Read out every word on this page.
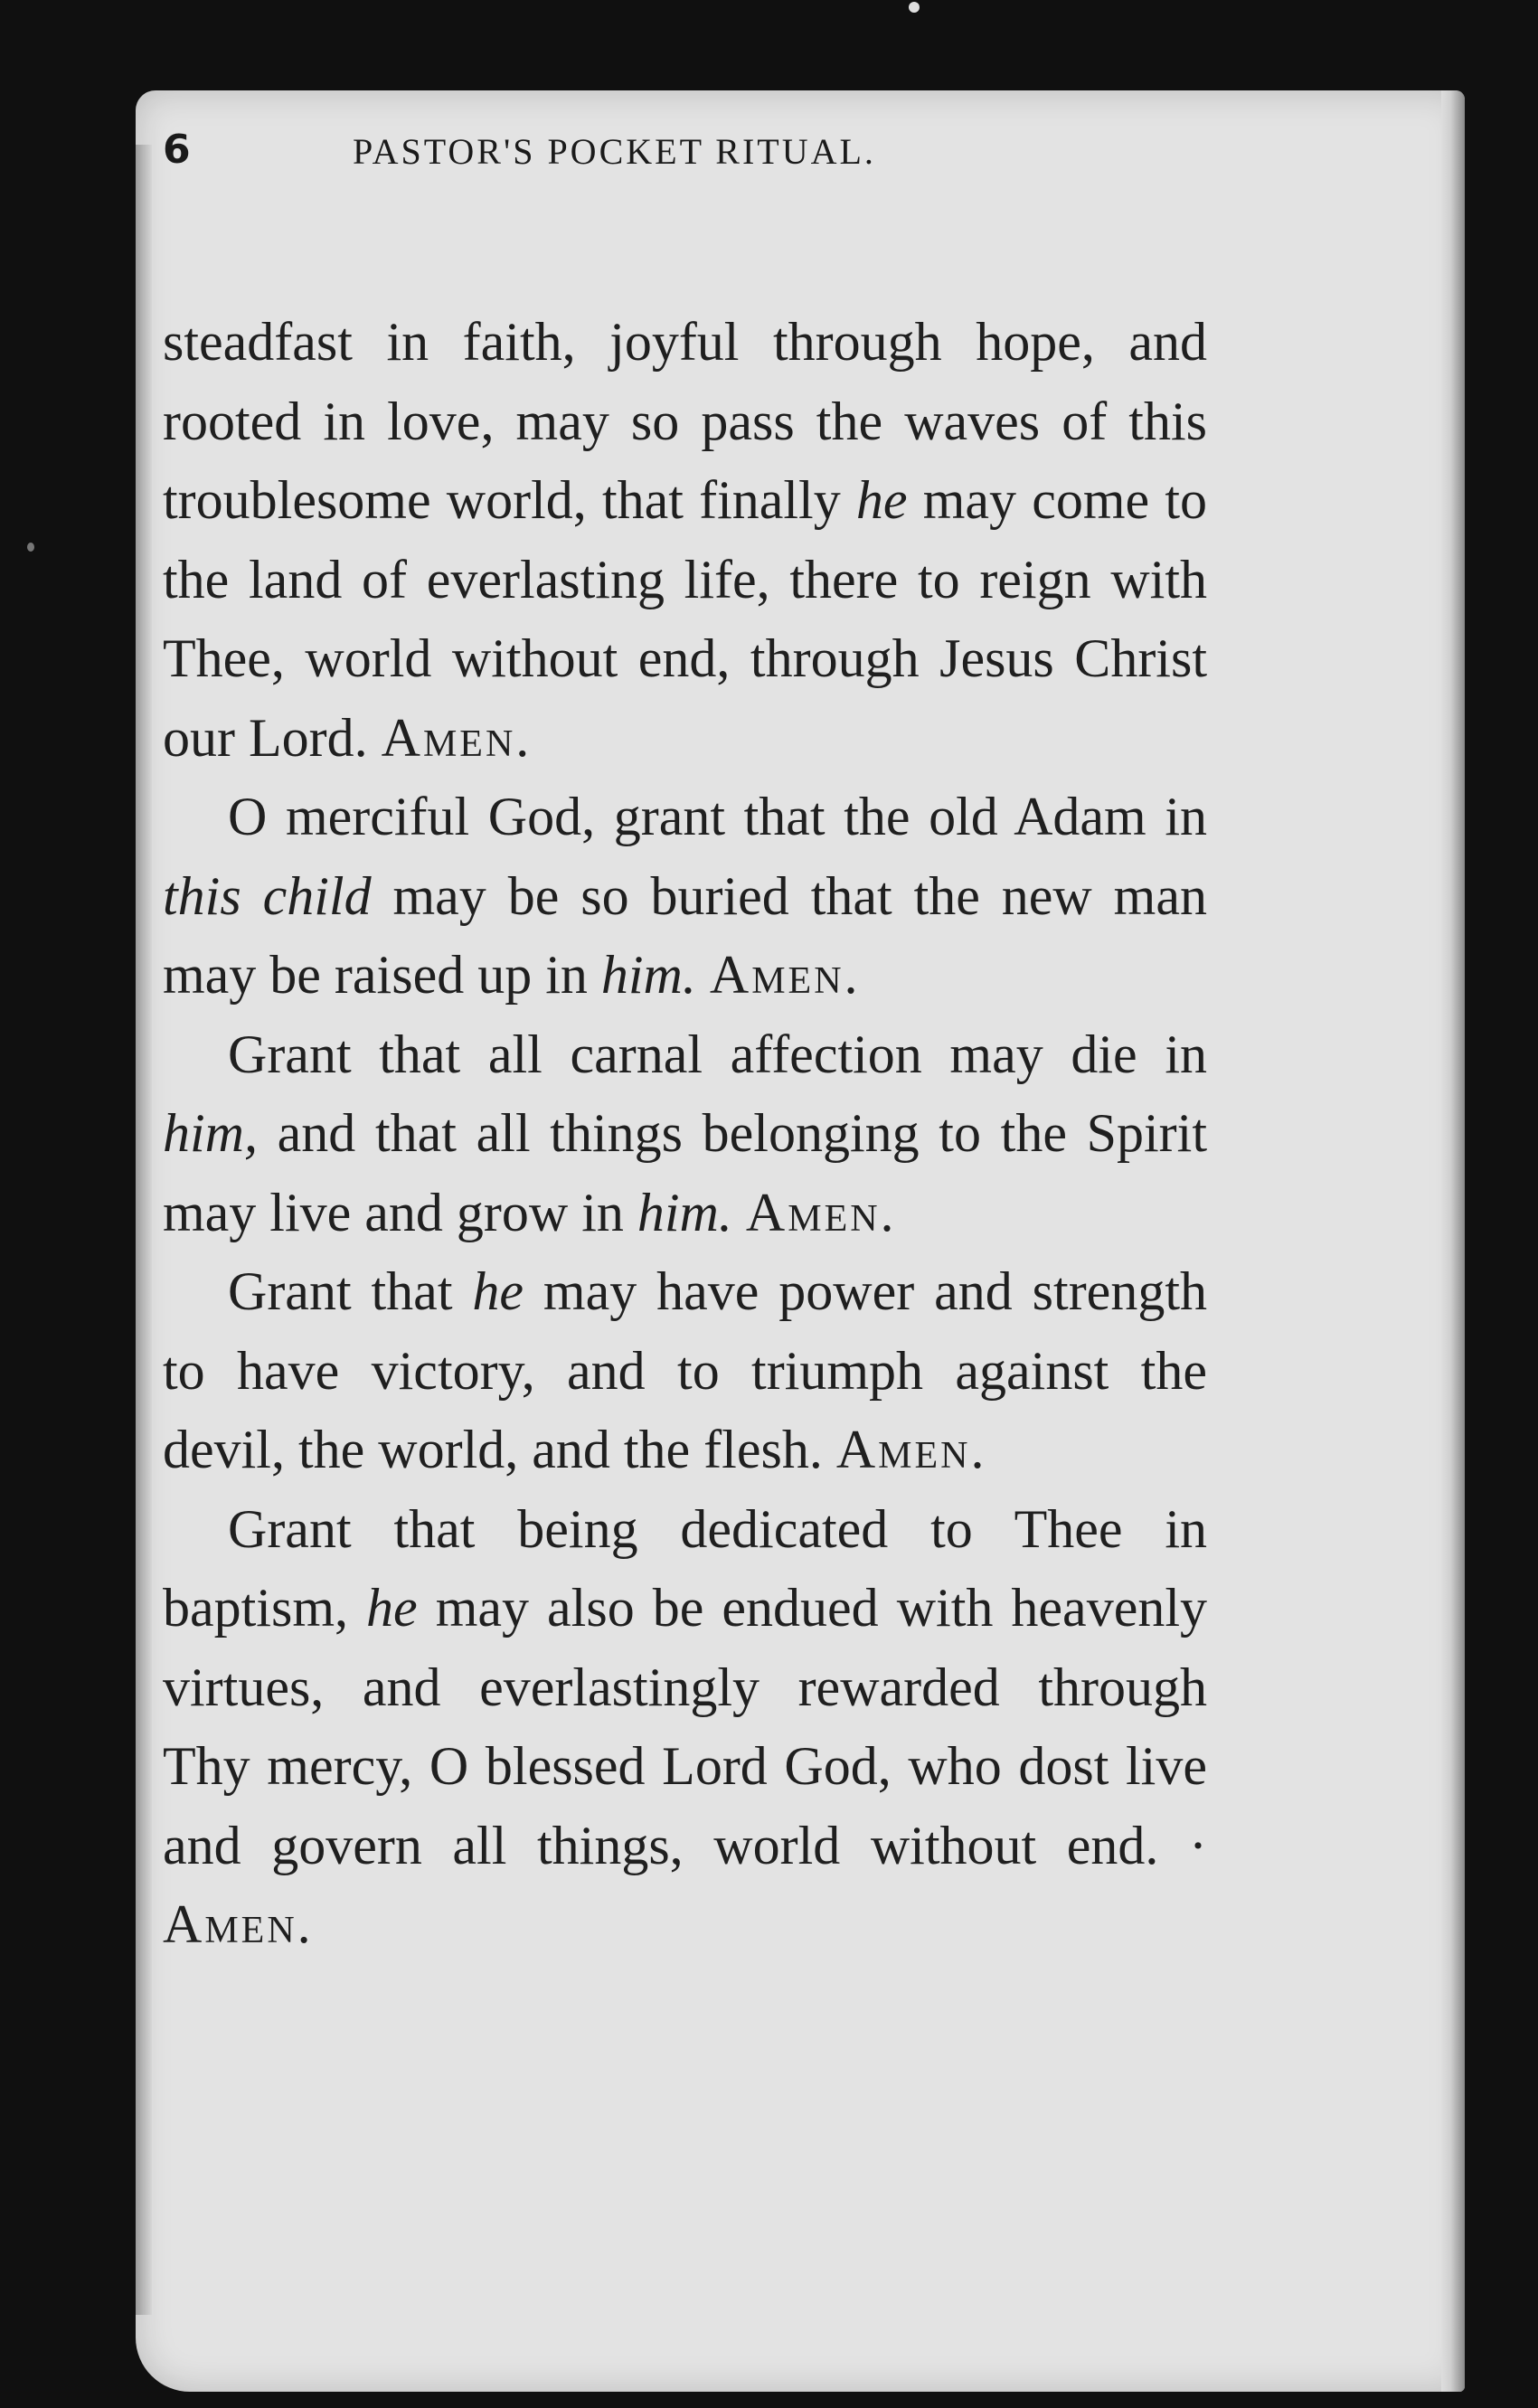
6	PASTOR'S POCKET RITUAL.

steadfast in faith, joyful through hope, and rooted in love, may so pass the waves of this troublesome world, that finally he may come to the land of everlasting life, there to reign with Thee, world without end, through Jesus Christ our Lord. Amen.

O merciful God, grant that the old Adam in this child may be so buried that the new man may be raised up in him. Amen.

Grant that all carnal affection may die in him, and that all things belonging to the Spirit may live and grow in him. Amen.

Grant that he may have power and strength to have victory, and to triumph against the devil, the world, and the flesh. Amen.

Grant that being dedicated to Thee in baptism, he may also be endued with heavenly virtues, and everlastingly rewarded through Thy mercy, O blessed Lord God, who dost live and govern all things, world without end. · Amen.
